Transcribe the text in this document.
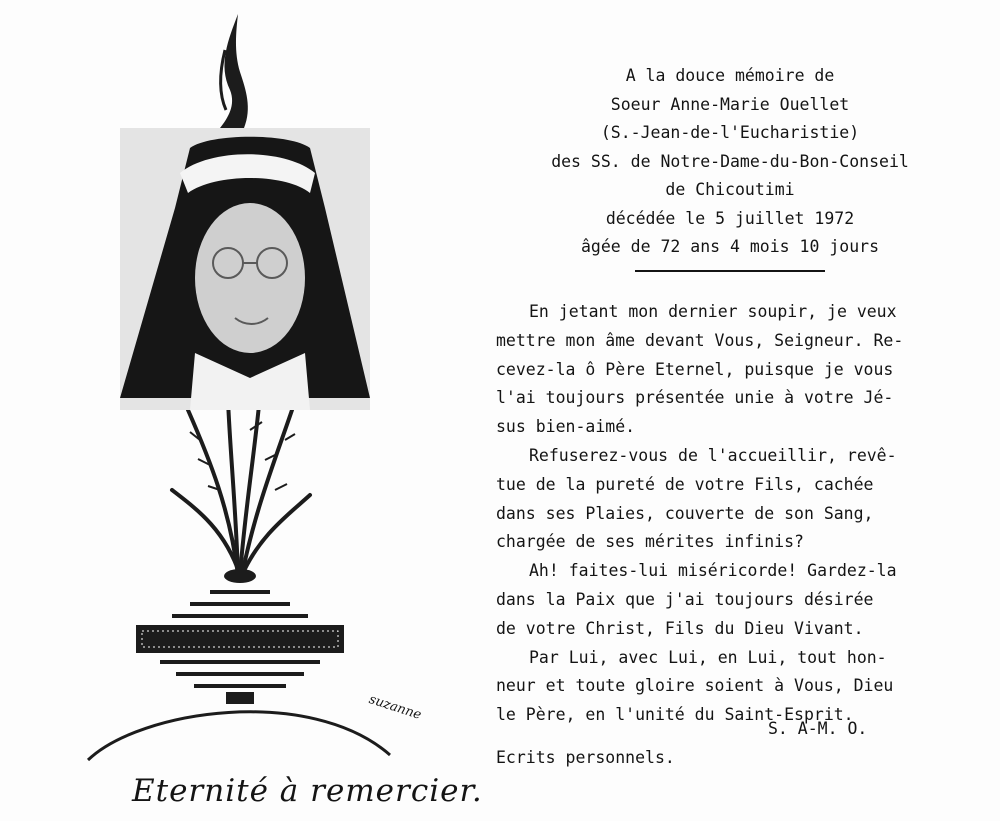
suzanne
Eternité à remercier.
A la douce mémoire de
Soeur Anne-Marie Ouellet
(S.-Jean-de-l'Eucharistie)
des SS. de Notre-Dame-du-Bon-Conseil
de Chicoutimi
décédée le 5 juillet 1972
âgée de 72 ans 4 mois 10 jours
En jetant mon dernier soupir, je veux
mettre mon âme devant Vous, Seigneur. Re-
cevez-la ô Père Eternel, puisque je vous
l'ai toujours présentée unie à votre Jé-
sus bien-aimé.
Refuserez-vous de l'accueillir, revê-
tue de la pureté de votre Fils, cachée
dans ses Plaies, couverte de son Sang,
chargée de ses mérites infinis?
Ah! faites-lui miséricorde! Gardez-la
dans la Paix que j'ai toujours désirée
de votre Christ, Fils du Dieu Vivant.
Par Lui, avec Lui, en Lui, tout hon-
neur et toute gloire soient à Vous, Dieu
le Père, en l'unité du Saint-Esprit.
S. A-M. O.
Ecrits personnels.
